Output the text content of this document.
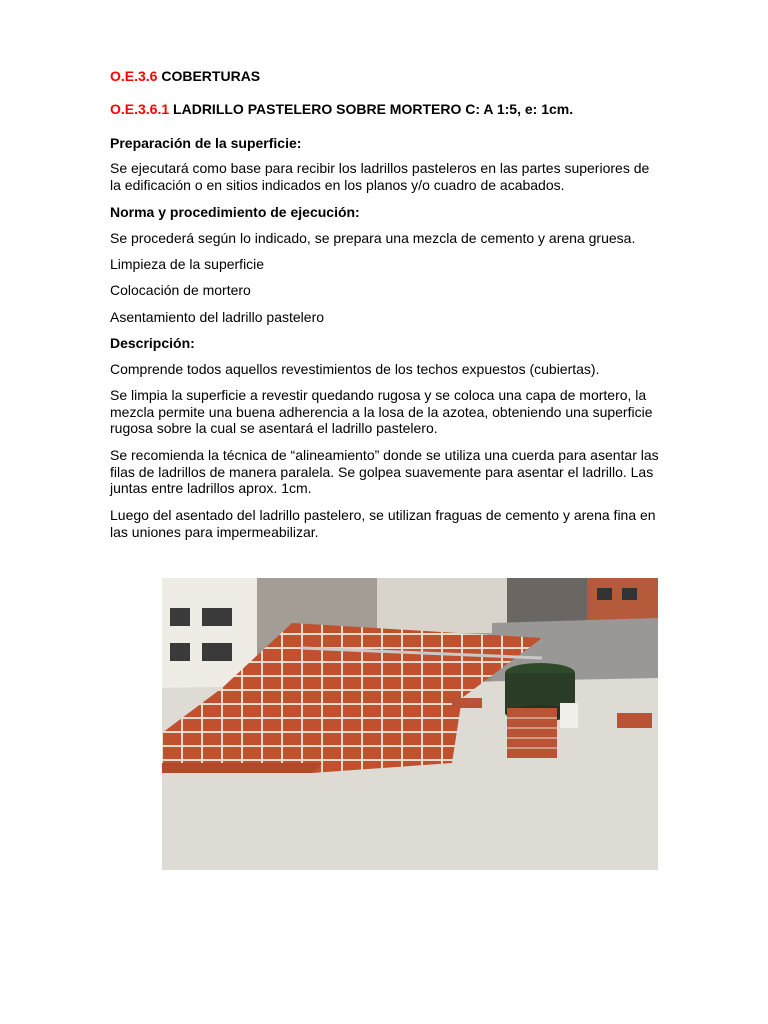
O.E.3.6 COBERTURAS

O.E.3.6.1 LADRILLO PASTELERO SOBRE MORTERO C: A 1:5, e: 1cm.

Preparación de la superficie:

Se ejecutará como base para recibir los ladrillos pasteleros en las partes superiores de la edificación o en sitios indicados en los planos y/o cuadro de acabados.

Norma y procedimiento de ejecución:

Se procederá según lo indicado, se prepara una mezcla de cemento y arena gruesa.

Limpieza de la superficie

Colocación de mortero

Asentamiento del ladrillo pastelero

Descripción:

Comprende todos aquellos revestimientos de los techos expuestos (cubiertas).

Se limpia la superficie a revestir quedando rugosa y se coloca una capa de mortero, la mezcla permite una buena adherencia a la losa de la azotea, obteniendo una superficie rugosa sobre la cual se asentará el ladrillo pastelero.

Se recomienda la técnica de “alineamiento” donde se utiliza una cuerda para asentar las filas de ladrillos de manera paralela. Se golpea suavemente para asentar el ladrillo. Las juntas entre ladrillos aprox. 1cm.

Luego del asentado del ladrillo pastelero, se utilizan fraguas de cemento y arena fina en las uniones para impermeabilizar.
